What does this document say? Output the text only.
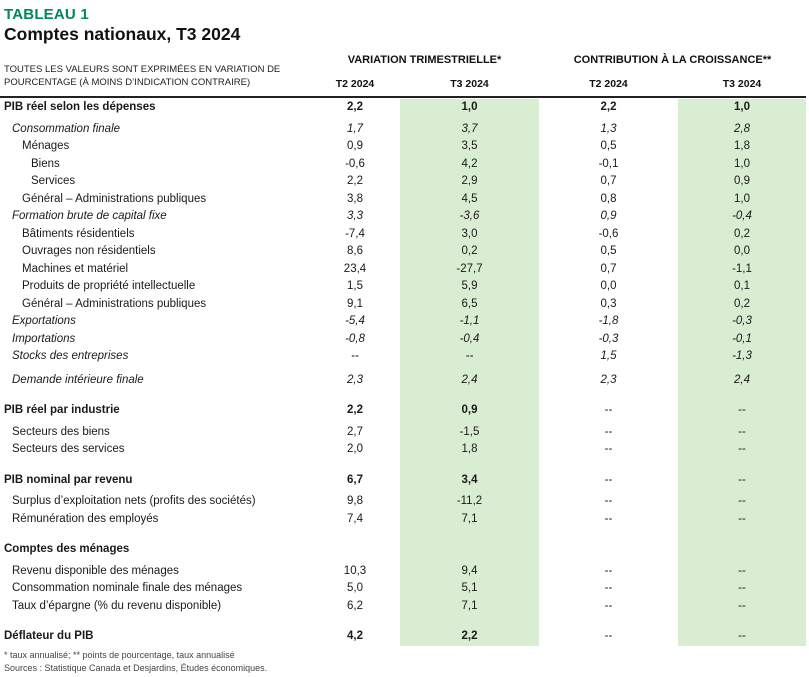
TABLEAU 1
Comptes nationaux, T3 2024
TOUTES LES VALEURS SONT EXPRIMÉES EN VARIATION DE POURCENTAGE (À MOINS D’INDICATION CONTRAIRE)
VARIATION TRIMESTRIELLE*	CONTRIBUTION À LA CROISSANCE**
T2 2024	T3 2024	T2 2024	T3 2024
PIB réel selon les dépenses	2,2	1,0	2,2	1,0
Consommation finale	1,7	3,7	1,3	2,8
Ménages	0,9	3,5	0,5	1,8
Biens	-0,6	4,2	-0,1	1,0
Services	2,2	2,9	0,7	0,9
Général – Administrations publiques	3,8	4,5	0,8	1,0
Formation brute de capital fixe	3,3	-3,6	0,9	-0,4
Bâtiments résidentiels	-7,4	3,0	-0,6	0,2
Ouvrages non résidentiels	8,6	0,2	0,5	0,0
Machines et matériel	23,4	-27,7	0,7	-1,1
Produits de propriété intellectuelle	1,5	5,9	0,0	0,1
Général – Administrations publiques	9,1	6,5	0,3	0,2
Exportations	-5,4	-1,1	-1,8	-0,3
Importations	-0,8	-0,4	-0,3	-0,1
Stocks des entreprises	--	--	1,5	-1,3
Demande intérieure finale	2,3	2,4	2,3	2,4
PIB réel par industrie	2,2	0,9	--	--
Secteurs des biens	2,7	-1,5	--	--
Secteurs des services	2,0	1,8	--	--
PIB nominal par revenu	6,7	3,4	--	--
Surplus d’exploitation nets (profits des sociétés)	9,8	-11,2	--	--
Rémunération des employés	7,4	7,1	--	--
Comptes des ménages
Revenu disponible des ménages	10,3	9,4	--	--
Consommation nominale finale des ménages	5,0	5,1	--	--
Taux d’épargne (% du revenu disponible)	6,2	7,1	--	--
Déflateur du PIB	4,2	2,2	--	--
* taux annualisé; ** points de pourcentage, taux annualisé
Sources : Statistique Canada et Desjardins, Études économiques.
